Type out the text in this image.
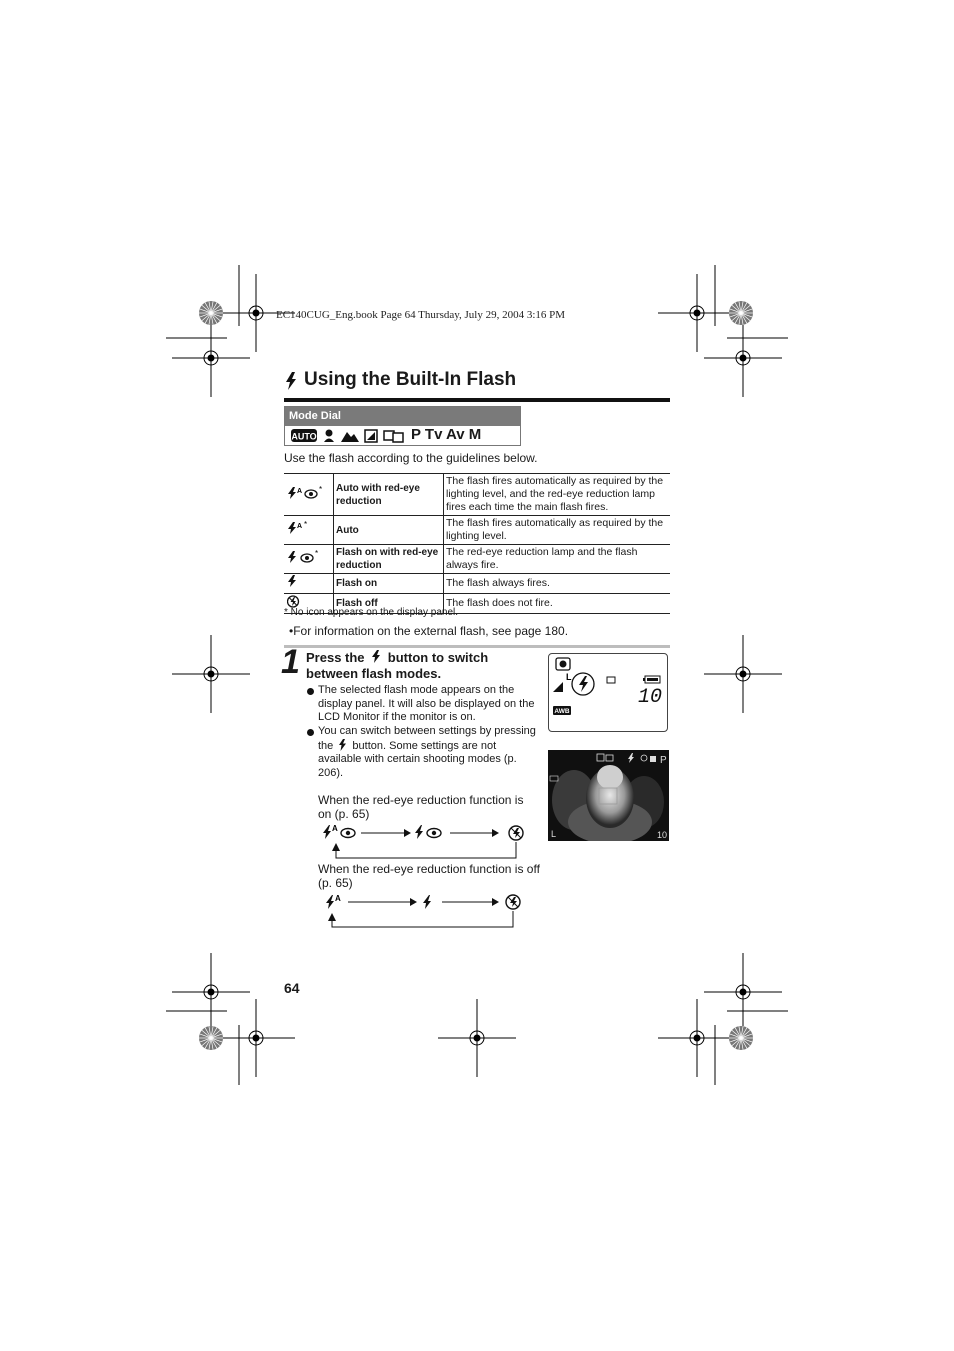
EC140CUG_Eng.book Page 64 Thursday, July 29, 2004 3:16 PM
Using the Built-In Flash
Mode Dial
AUTO	P Tv Av M
Use the flash according to the guidelines below.
A *	Auto with red-eye reduction	The flash fires automatically as required by the lighting level, and the red-eye reduction lamp fires each time the main flash fires.

A *	Auto	The flash fires automatically as required by the lighting level.

*	Flash on with red-eye reduction	The red-eye reduction lamp and the flash always fire.
	Flash on	The flash always fires.
	Flash off	The flash does not fire.
* No icon appears on the display panel.
•For information on the external flash, see page 180.
1 Press the button to switch
between flash modes.
The selected flash mode appears on the display panel. It will also be displayed on the LCD Monitor if the monitor is on.
You can switch between settings by pressing the button. Some settings are not available with certain shooting modes (p. 206).
When the red-eye reduction function is on (p. 65)
A
When the red-eye reduction function is off (p. 65)
A
L
10
AWB
P
L	10
64
